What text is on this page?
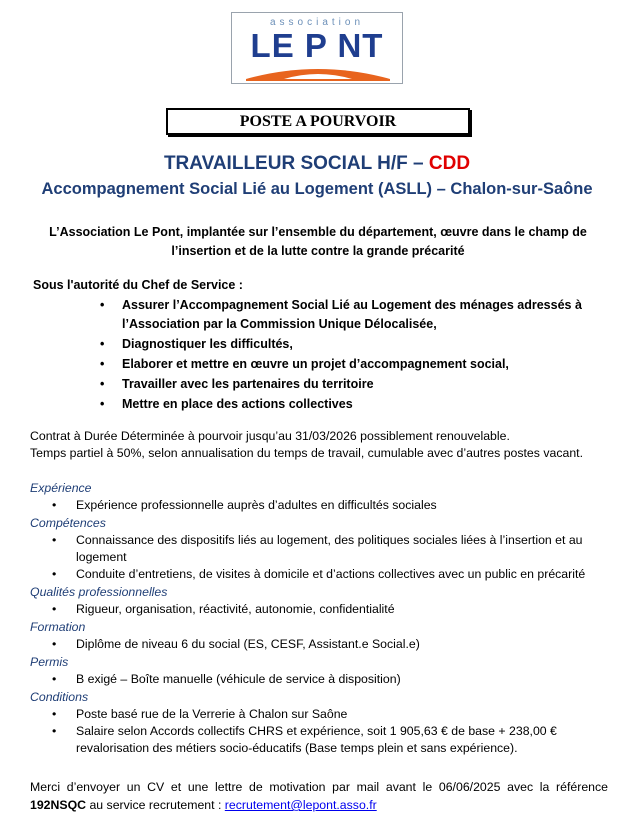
association
LE P NT
POSTE A POURVOIR
TRAVAILLEUR SOCIAL H/F – CDD
Accompagnement Social Lié au Logement (ASLL) – Chalon-sur-Saône
L’Association Le Pont, implantée sur l’ensemble du département, œuvre dans le champ de l’insertion et de la lutte contre la grande précarité
Sous l'autorité du Chef de Service :
• Assurer l’Accompagnement Social Lié au Logement des ménages adressés à l’Association par la Commission Unique Délocalisée,
• Diagnostiquer les difficultés,
• Elaborer et mettre en œuvre un projet d’accompagnement social,
• Travailler avec les partenaires du territoire
• Mettre en place des actions collectives
Contrat à Durée Déterminée à pourvoir jusqu’au 31/03/2026 possiblement renouvelable.
Temps partiel à 50%, selon annualisation du temps de travail, cumulable avec d’autres postes vacant.
Expérience
• Expérience professionnelle auprès d’adultes en difficultés sociales
Compétences
• Connaissance des dispositifs liés au logement, des politiques sociales liées à l’insertion et au logement
• Conduite d’entretiens, de visites à domicile et d’actions collectives avec un public en précarité
Qualités professionnelles
• Rigueur, organisation, réactivité, autonomie, confidentialité
Formation
• Diplôme de niveau 6 du social (ES, CESF, Assistant.e Social.e)
Permis
• B exigé – Boîte manuelle (véhicule de service à disposition)
Conditions
• Poste basé rue de la Verrerie à Chalon sur Saône
• Salaire selon Accords collectifs CHRS et expérience, soit 1 905,63 € de base + 238,00 € revalorisation des métiers socio-éducatifs (Base temps plein et sans expérience).
Merci d’envoyer un CV et une lettre de motivation par mail avant le 06/06/2025 avec la référence 192NSQC au service recrutement : recrutement@lepont.asso.fr
